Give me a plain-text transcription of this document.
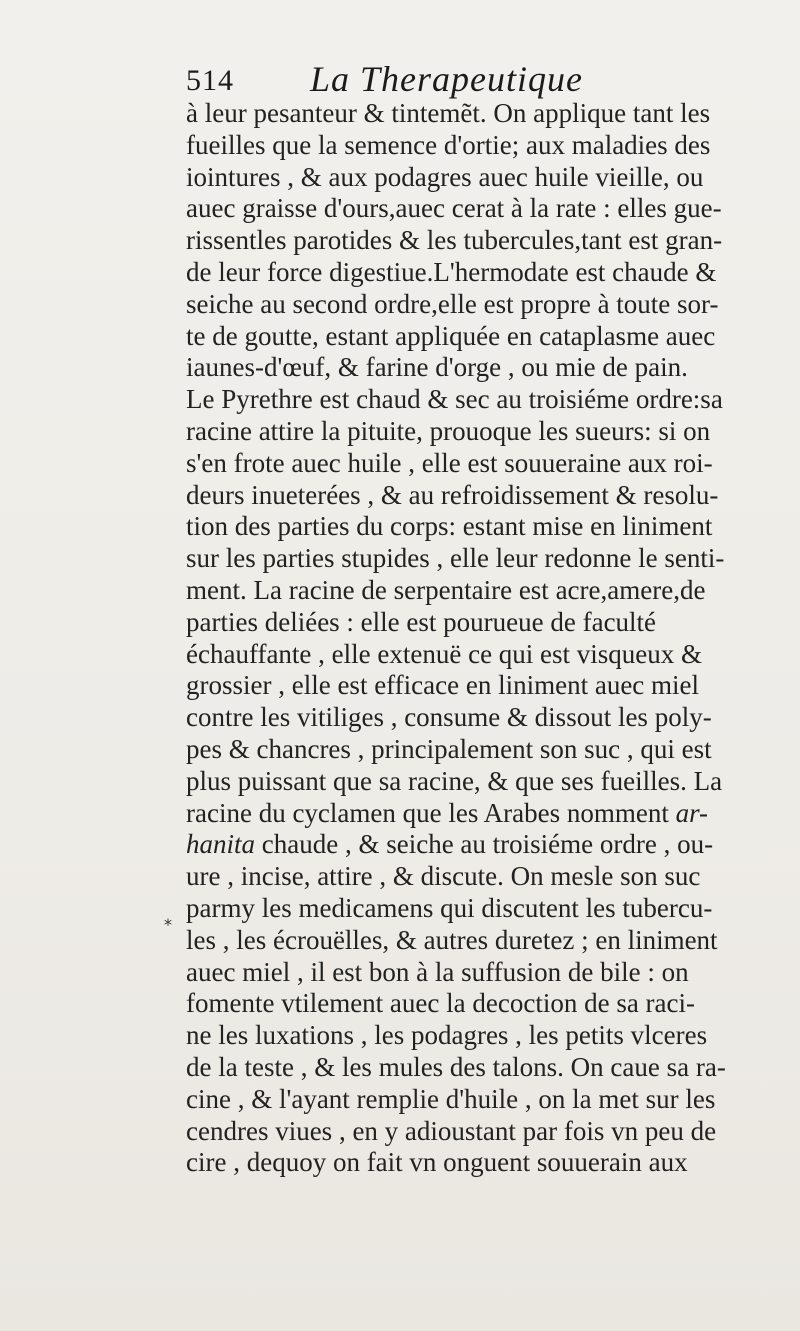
514 La Therapeutique
*
à leur pesanteur & tintemẽt. On applique tant les
fueilles que la semence d'ortie; aux maladies des
iointures , & aux podagres auec huile vieille, ou
auec graisse d'ours,auec cerat à la rate : elles gue-
rissentles parotides & les tubercules,tant est gran-
de leur force digestiue.L'hermodate est chaude &
seiche au second ordre,elle est propre à toute sor-
te de goutte, estant appliquée en cataplasme auec
iaunes-d'œuf, & farine d'orge , ou mie de pain.
Le Pyrethre est chaud & sec au troisiéme ordre:sa
racine attire la pituite, prouoque les sueurs: si on
s'en frote auec huile , elle est souueraine aux roi-
deurs inueterées , & au refroidissement & resolu-
tion des parties du corps: estant mise en liniment
sur les parties stupides , elle leur redonne le senti-
ment. La racine de serpentaire est acre,amere,de
parties deliées : elle est pourueue de faculté
échauffante , elle extenuë ce qui est visqueux &
grossier , elle est efficace en liniment auec miel
contre les vitiliges , consume & dissout les poly-
pes & chancres , principalement son suc , qui est
plus puissant que sa racine, & que ses fueilles. La
racine du cyclamen que les Arabes nomment ar-
hanita chaude , & seiche au troisiéme ordre , ou-
ure , incise, attire , & discute. On mesle son suc
parmy les medicamens qui discutent les tubercu-
les , les écrouëlles, & autres duretez ; en liniment
auec miel , il est bon à la suffusion de bile : on
fomente vtilement auec la decoction de sa raci-
ne les luxations , les podagres , les petits vlceres
de la teste , & les mules des talons. On caue sa ra-
cine , & l'ayant remplie d'huile , on la met sur les
cendres viues , en y adioustant par fois vn peu de
cire , dequoy on fait vn onguent souuerain aux
